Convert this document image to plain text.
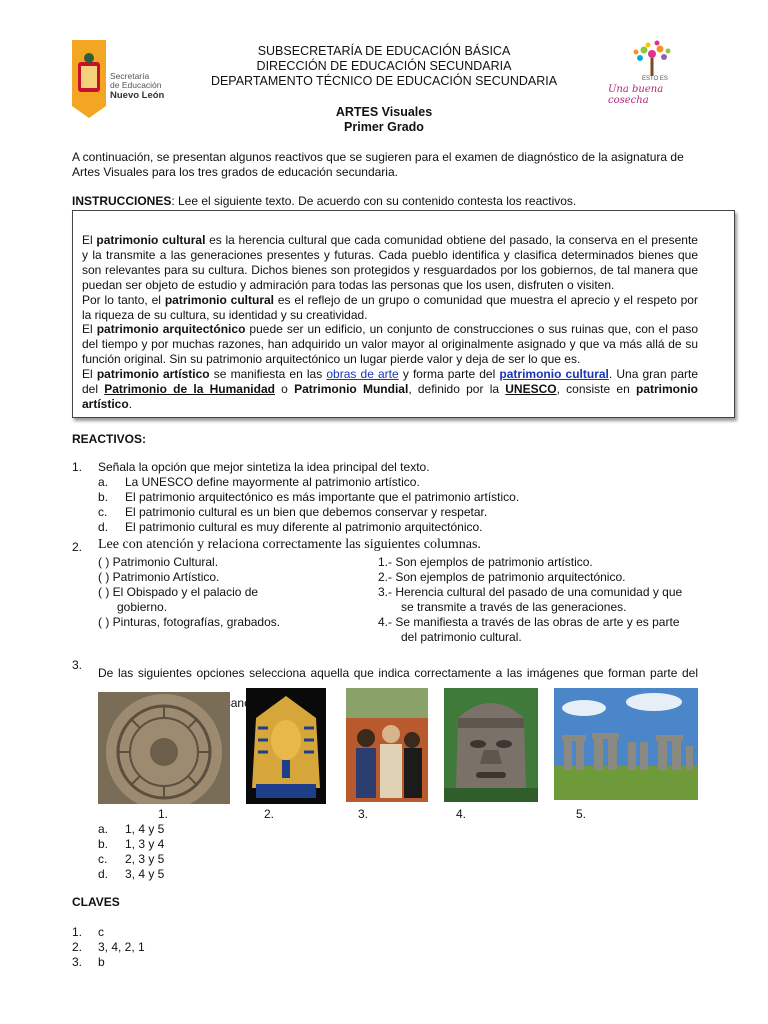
Secretaría
de Educación
Nuevo León
ESTO ES
Una buena cosecha
SUBSECRETARÍA DE EDUCACIÓN BÁSICA
DIRECCIÓN DE EDUCACIÓN SECUNDARIA
DEPARTAMENTO TÉCNICO DE EDUCACIÓN SECUNDARIA
ARTES Visuales
Primer Grado
A continuación, se presentan algunos reactivos que se sugieren para el examen de diagnóstico de la asignatura de Artes Visuales para los tres grados de educación secundaria.
INSTRUCCIONES: Lee el siguiente texto. De acuerdo con su contenido contesta los reactivos.
El patrimonio cultural es la herencia cultural que cada comunidad obtiene del pasado, la conserva en el presente y la transmite a las generaciones presentes y futuras. Cada pueblo identifica y clasifica determinados bienes que son relevantes para su cultura. Dichos bienes son protegidos y resguardados por los gobiernos, de tal manera que puedan ser objeto de estudio y admiración para todas las personas que los usen, disfruten o visiten.
Por lo tanto, el patrimonio cultural es el reflejo de un grupo o comunidad que muestra el aprecio y el respeto por la riqueza de su cultura, su identidad y su creatividad.
El patrimonio arquitectónico puede ser un edificio, un conjunto de construcciones o sus ruinas que, con el paso del tiempo y por muchas razones, han adquirido un valor mayor al originalmente asignado y que va más allá de su función original. Sin su patrimonio arquitectónico un lugar pierde valor y deja de ser lo que es.
El patrimonio artístico se manifiesta en las obras de arte y forma parte del patrimonio cultural. Una gran parte del Patrimonio de la Humanidad o Patrimonio Mundial, definido por la UNESCO, consiste en patrimonio artístico.
REACTIVOS:
1. Señala la opción que mejor sintetiza la idea principal del texto.
a. La UNESCO define mayormente al patrimonio artístico.
b. El patrimonio arquitectónico es más importante que el patrimonio artístico.
c. El patrimonio cultural es un bien que debemos conservar y respetar.
d. El patrimonio cultural es muy diferente al patrimonio arquitectónico.
2. Lee con atención y relaciona correctamente las siguientes columnas.
( ) Patrimonio Cultural.
( ) Patrimonio Artístico.
( ) El Obispado y el palacio de
gobierno.
( ) Pinturas, fotografías, grabados.
1.- Son ejemplos de patrimonio artístico.
2.- Son ejemplos de patrimonio arquitectónico.
3.- Herencia cultural del pasado de una comunidad y que
se transmite a través de las generaciones.
4.- Se manifiesta a través de las obras de arte y es parte
del patrimonio cultural.
3.
De las siguientes opciones selecciona aquella que indica correctamente a las imágenes que forman parte del
1.	2.	3.	4.	5.
a. 1, 4 y 5
b. 1, 3 y 4
c. 2, 3 y 5
d. 3, 4 y 5
CLAVES
1. c
2. 3, 4, 2, 1
3. b
